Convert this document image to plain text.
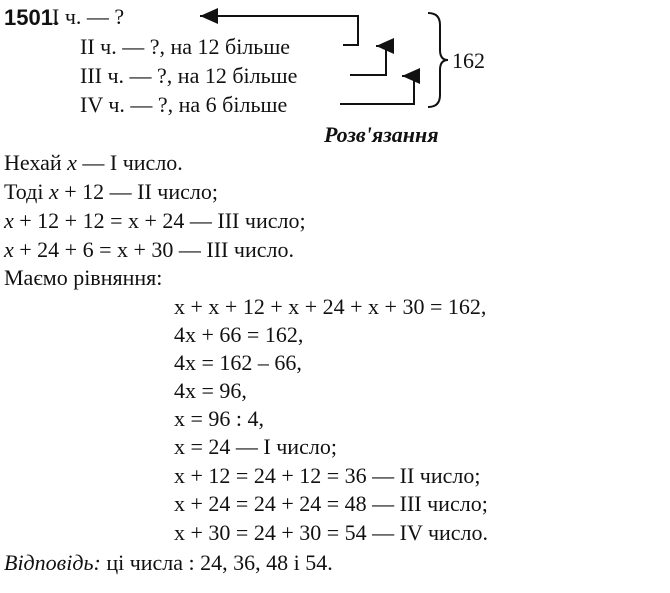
1501.
І ч. — ?
ІІ ч. — ?, на 12 більше
ІІІ ч. — ?, на 12 більше
IV ч. — ?, на 6 більше
162
Розв'язання
Нехай x — І число.
Тоді x + 12 — ІІ число;
x + 12 + 12 = x + 24 — ІІІ число;
x + 24 + 6 = x + 30 — ІІІ число.
Маємо рівняння:
x + x + 12 + x + 24 + x + 30 = 162,
4x + 66 = 162,
4x = 162 – 66,
4x = 96,
x = 96 : 4,
x = 24 — І число;
x + 12 = 24 + 12 = 36 — ІІ число;
x + 24 = 24 + 24 = 48 — ІІІ число;
x + 30 = 24 + 30 = 54 — IV число.
Відповідь: ці числа : 24, 36, 48 і 54.
